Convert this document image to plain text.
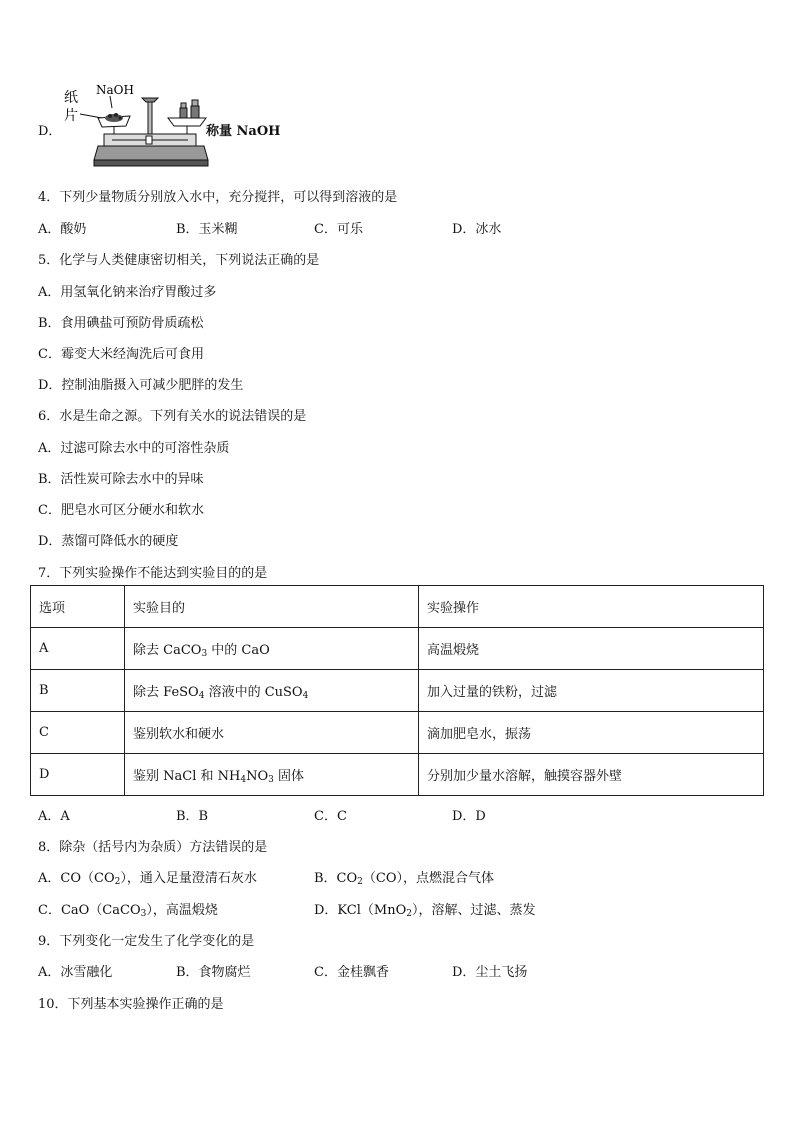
D．
纸
片
NaOH
称量 NaOH
4．下列少量物质分别放入水中，充分搅拌，可以得到溶液的是
A．酸奶	B．玉米糊	C．可乐	D．冰水
5．化学与人类健康密切相关，下列说法正确的是
A．用氢氧化钠来治疗胃酸过多
B．食用碘盐可预防骨质疏松
C．霉变大米经淘洗后可食用
D．控制油脂摄入可减少肥胖的发生
6．水是生命之源。下列有关水的说法错误的是
A．过滤可除去水中的可溶性杂质
B．活性炭可除去水中的异味
C．肥皂水可区分硬水和软水
D．蒸馏可降低水的硬度
7．下列实验操作不能达到实验目的的是
选项	实验目的	实验操作
A	除去 CaCO$_3$ 中的 CaO	高温煅烧
B	除去 FeSO$_4$ 溶液中的 CuSO$_4$	加入过量的铁粉，过滤
C	鉴别软水和硬水	滴加肥皂水，振荡
D	鉴别 NaCl 和 $NH_4NO_3$ 固体	分别加少量水溶解，触摸容器外壁
A．A	B．B	C．C	D．D
8．除杂（括号内为杂质）方法错误的是
A．$CO(CO_2)$，通入足量澄清石灰水	B．$CO_2(CO)$，点燃混合气体
C．CaO（CaCO$_3$），高温煅烧	D．KCl（MnO$_2$），溶解、过滤、蒸发
9．下列变化一定发生了化学变化的是
A．冰雪融化	B．食物腐烂	C．金桂飘香	D．尘土飞扬
10．下列基本实验操作正确的是
